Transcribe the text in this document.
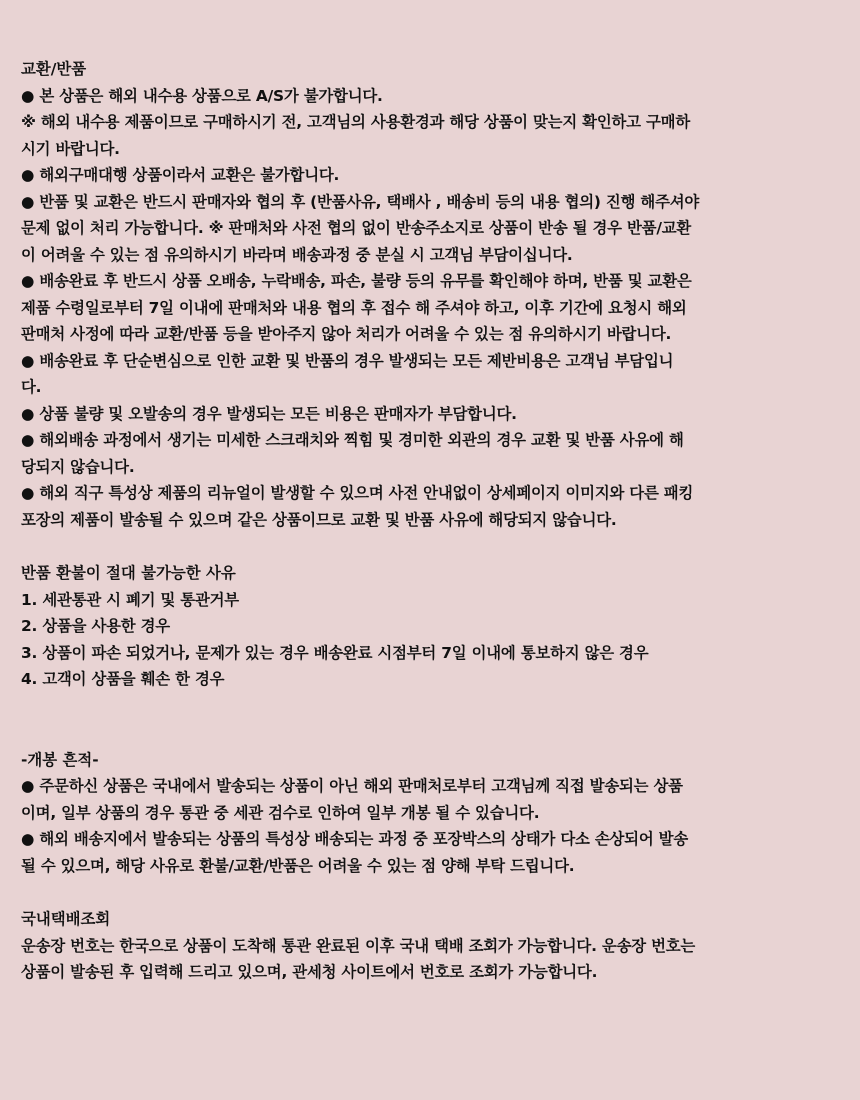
교환/반품
● 본 상품은 해외 내수용 상품으로 A/S가 불가합니다.
※ 해외 내수용 제품이므로 구매하시기 전, 고객님의 사용환경과 해당 상품이 맞는지 확인하고 구매하
시기 바랍니다.
● 해외구매대행 상품이라서 교환은 불가합니다.
● 반품 및 교환은 반드시 판매자와 협의 후 (반품사유, 택배사 , 배송비 등의 내용 협의) 진행 해주셔야
문제 없이 처리 가능합니다. ※ 판매처와 사전 협의 없이 반송주소지로 상품이 반송 될 경우 반품/교환
이 어려울 수 있는 점 유의하시기 바라며 배송과정 중 분실 시 고객님 부담이십니다.
● 배송완료 후 반드시 상품 오배송, 누락배송, 파손, 불량 등의 유무를 확인해야 하며, 반품 및 교환은
제품 수령일로부터 7일 이내에 판매처와 내용 협의 후 접수 해 주셔야 하고, 이후 기간에 요청시 해외
판매처 사정에 따라 교환/반품 등을 받아주지 않아 처리가 어려울 수 있는 점 유의하시기 바랍니다.
● 배송완료 후 단순변심으로 인한 교환 및 반품의 경우 발생되는 모든 제반비용은 고객님 부담입니
다.
● 상품 불량 및 오발송의 경우 발생되는 모든 비용은 판매자가 부담합니다.
● 해외배송 과정에서 생기는 미세한 스크래치와 찍힘 및 경미한 외관의 경우 교환 및 반품 사유에 해
당되지 않습니다.
● 해외 직구 특성상 제품의 리뉴얼이 발생할 수 있으며 사전 안내없이 상세페이지 이미지와 다른 패킹
포장의 제품이 발송될 수 있으며 같은 상품이므로 교환 및 반품 사유에 해당되지 않습니다.
반품 환불이 절대 불가능한 사유
1. 세관통관 시 폐기 및 통관거부
2. 상품을 사용한 경우
3. 상품이 파손 되었거나, 문제가 있는 경우 배송완료 시점부터 7일 이내에 통보하지 않은 경우
4. 고객이 상품을 훼손 한 경우
-개봉 흔적-
● 주문하신 상품은 국내에서 발송되는 상품이 아닌 해외 판매처로부터 고객님께 직접 발송되는 상품
이며, 일부 상품의 경우 통관 중 세관 검수로 인하여 일부 개봉 될 수 있습니다.
● 해외 배송지에서 발송되는 상품의 특성상 배송되는 과정 중 포장박스의 상태가 다소 손상되어 발송
될 수 있으며, 해당 사유로 환불/교환/반품은 어려울 수 있는 점 양해 부탁 드립니다.
국내택배조회
운송장 번호는 한국으로 상품이 도착해 통관 완료된 이후 국내 택배 조회가 가능합니다. 운송장 번호는
상품이 발송된 후 입력해 드리고 있으며, 관세청 사이트에서 번호로 조회가 가능합니다.
